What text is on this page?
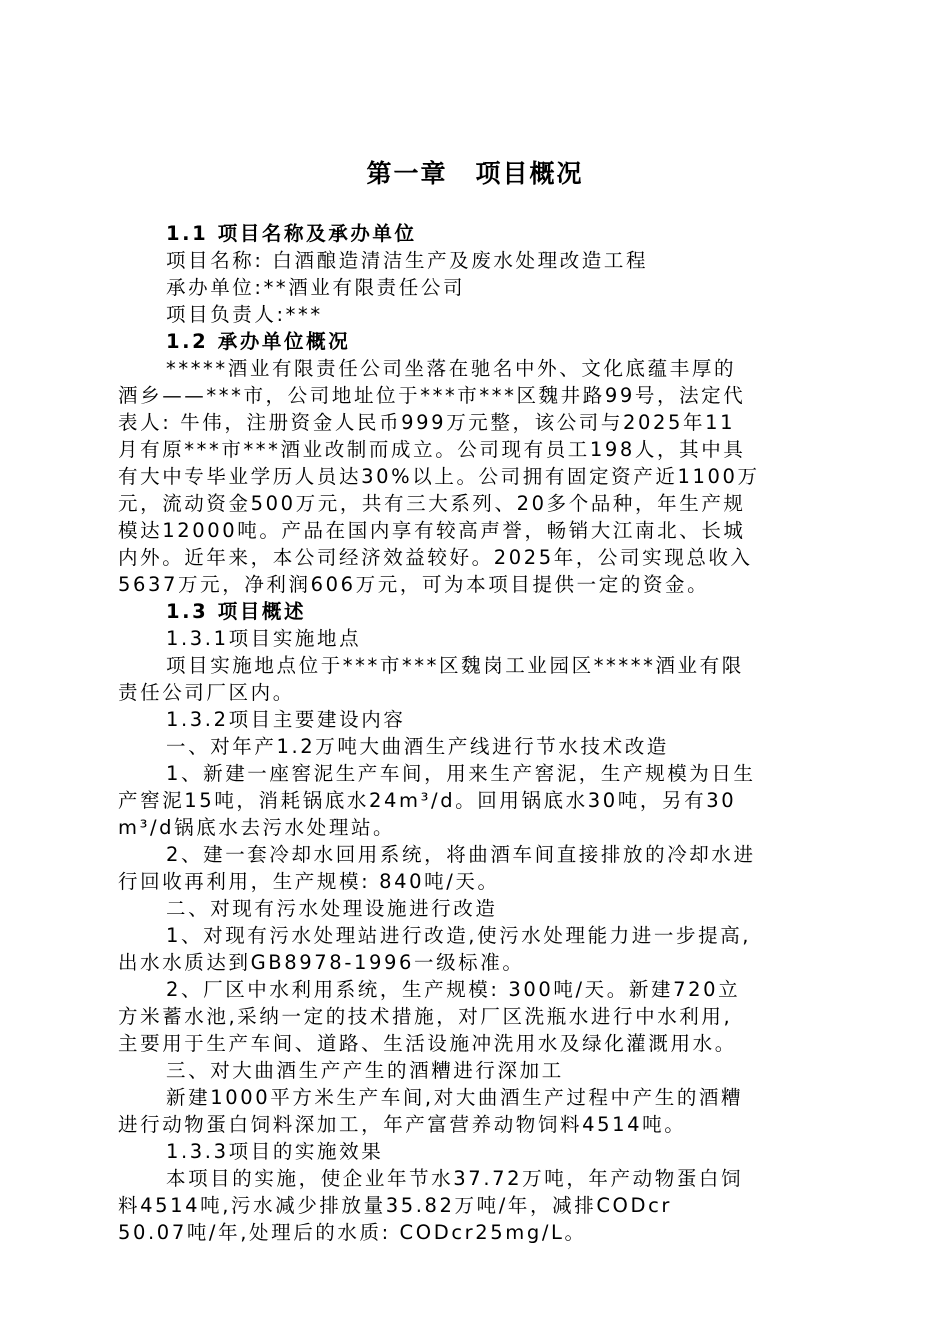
第一章 项目概况
1.1 项目名称及承办单位
项目名称: 白酒酿造清洁生产及废水处理改造工程
承办单位:**酒业有限责任公司
项目负责人:***
1.2 承办单位概况
*****酒业有限责任公司坐落在驰名中外、文化底蕴丰厚的
酒乡——***市，公司地址位于***市***区魏井路99号，法定代
表人: 牛伟，注册资金人民币999万元整，该公司与2025年11
月有原***市***酒业改制而成立。公司现有员工198人，其中具
有大中专毕业学历人员达30%以上。公司拥有固定资产近1100万
元，流动资金500万元，共有三大系列、20多个品种，年生产规
模达12000吨。产品在国内享有较高声誉，畅销大江南北、长城
内外。近年来，本公司经济效益较好。2025年，公司实现总收入
5637万元，净利润606万元，可为本项目提供一定的资金。
1.3 项目概述
1.3.1项目实施地点
项目实施地点位于***市***区魏岗工业园区*****酒业有限
责任公司厂区内。
1.3.2项目主要建设内容
一、对年产1.2万吨大曲酒生产线进行节水技术改造
1、新建一座窖泥生产车间，用来生产窖泥，生产规模为日生
产窖泥15吨，消耗锅底水24m³/d。回用锅底水30吨，另有30
m³/d锅底水去污水处理站。
2、建一套冷却水回用系统，将曲酒车间直接排放的冷却水进
行回收再利用，生产规模: 840吨/天。
二、对现有污水处理设施进行改造
1、对现有污水处理站进行改造,使污水处理能力进一步提高,
出水水质达到GB8978-1996一级标准。
2、厂区中水利用系统，生产规模: 300吨/天。新建720立
方米蓄水池,采纳一定的技术措施，对厂区洗瓶水进行中水利用,
主要用于生产车间、道路、生活设施冲洗用水及绿化灌溉用水。
三、对大曲酒生产产生的酒糟进行深加工
新建1000平方米生产车间,对大曲酒生产过程中产生的酒糟
进行动物蛋白饲料深加工，年产富营养动物饲料4514吨。
1.3.3项目的实施效果
本项目的实施，使企业年节水37.72万吨，年产动物蛋白饲
料4514吨,污水减少排放量35.82万吨/年，减排CODcr
50.07吨/年,处理后的水质: CODcr25mg/L。
